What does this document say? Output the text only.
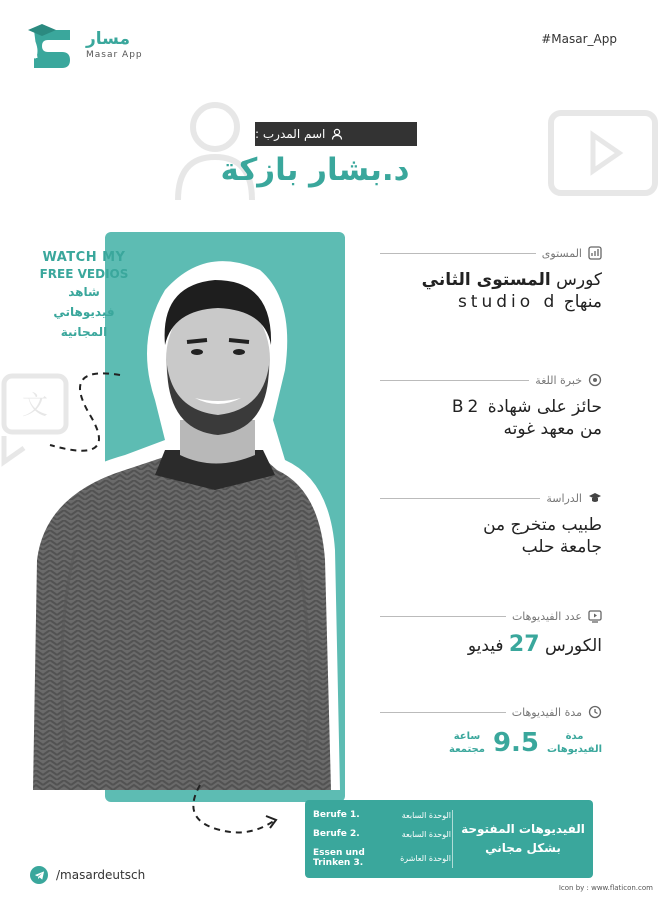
文
مسار
Masar App
#Masar_App
اسم المدرب :
د.بشار بازكة
WATCH MY
FREE VEDIOS
شاهد
فيديوهاتي
المجانية
المستوى
كورس المستوى الثاني
منهاج studio d
خبرة اللغة
حائز على شهادة B2
من معهد غوته
الدراسة
طبيب متخرج من
جامعة حلب
عدد الفيديوهات
الكورس 27 فيديو
مدة الفيديوهات
ساعة
مجتمعة 9.5	مدة
الفيديوهات
Berufe 1.	الوحدة السابعة
Berufe 2.	الوحدة السابعة
Essen und Trinken 3.	الوحدة العاشرة
الفيديوهات المفتوحة
بشكل مجاني
/masardeutsch
Icon by : www.flaticon.com
